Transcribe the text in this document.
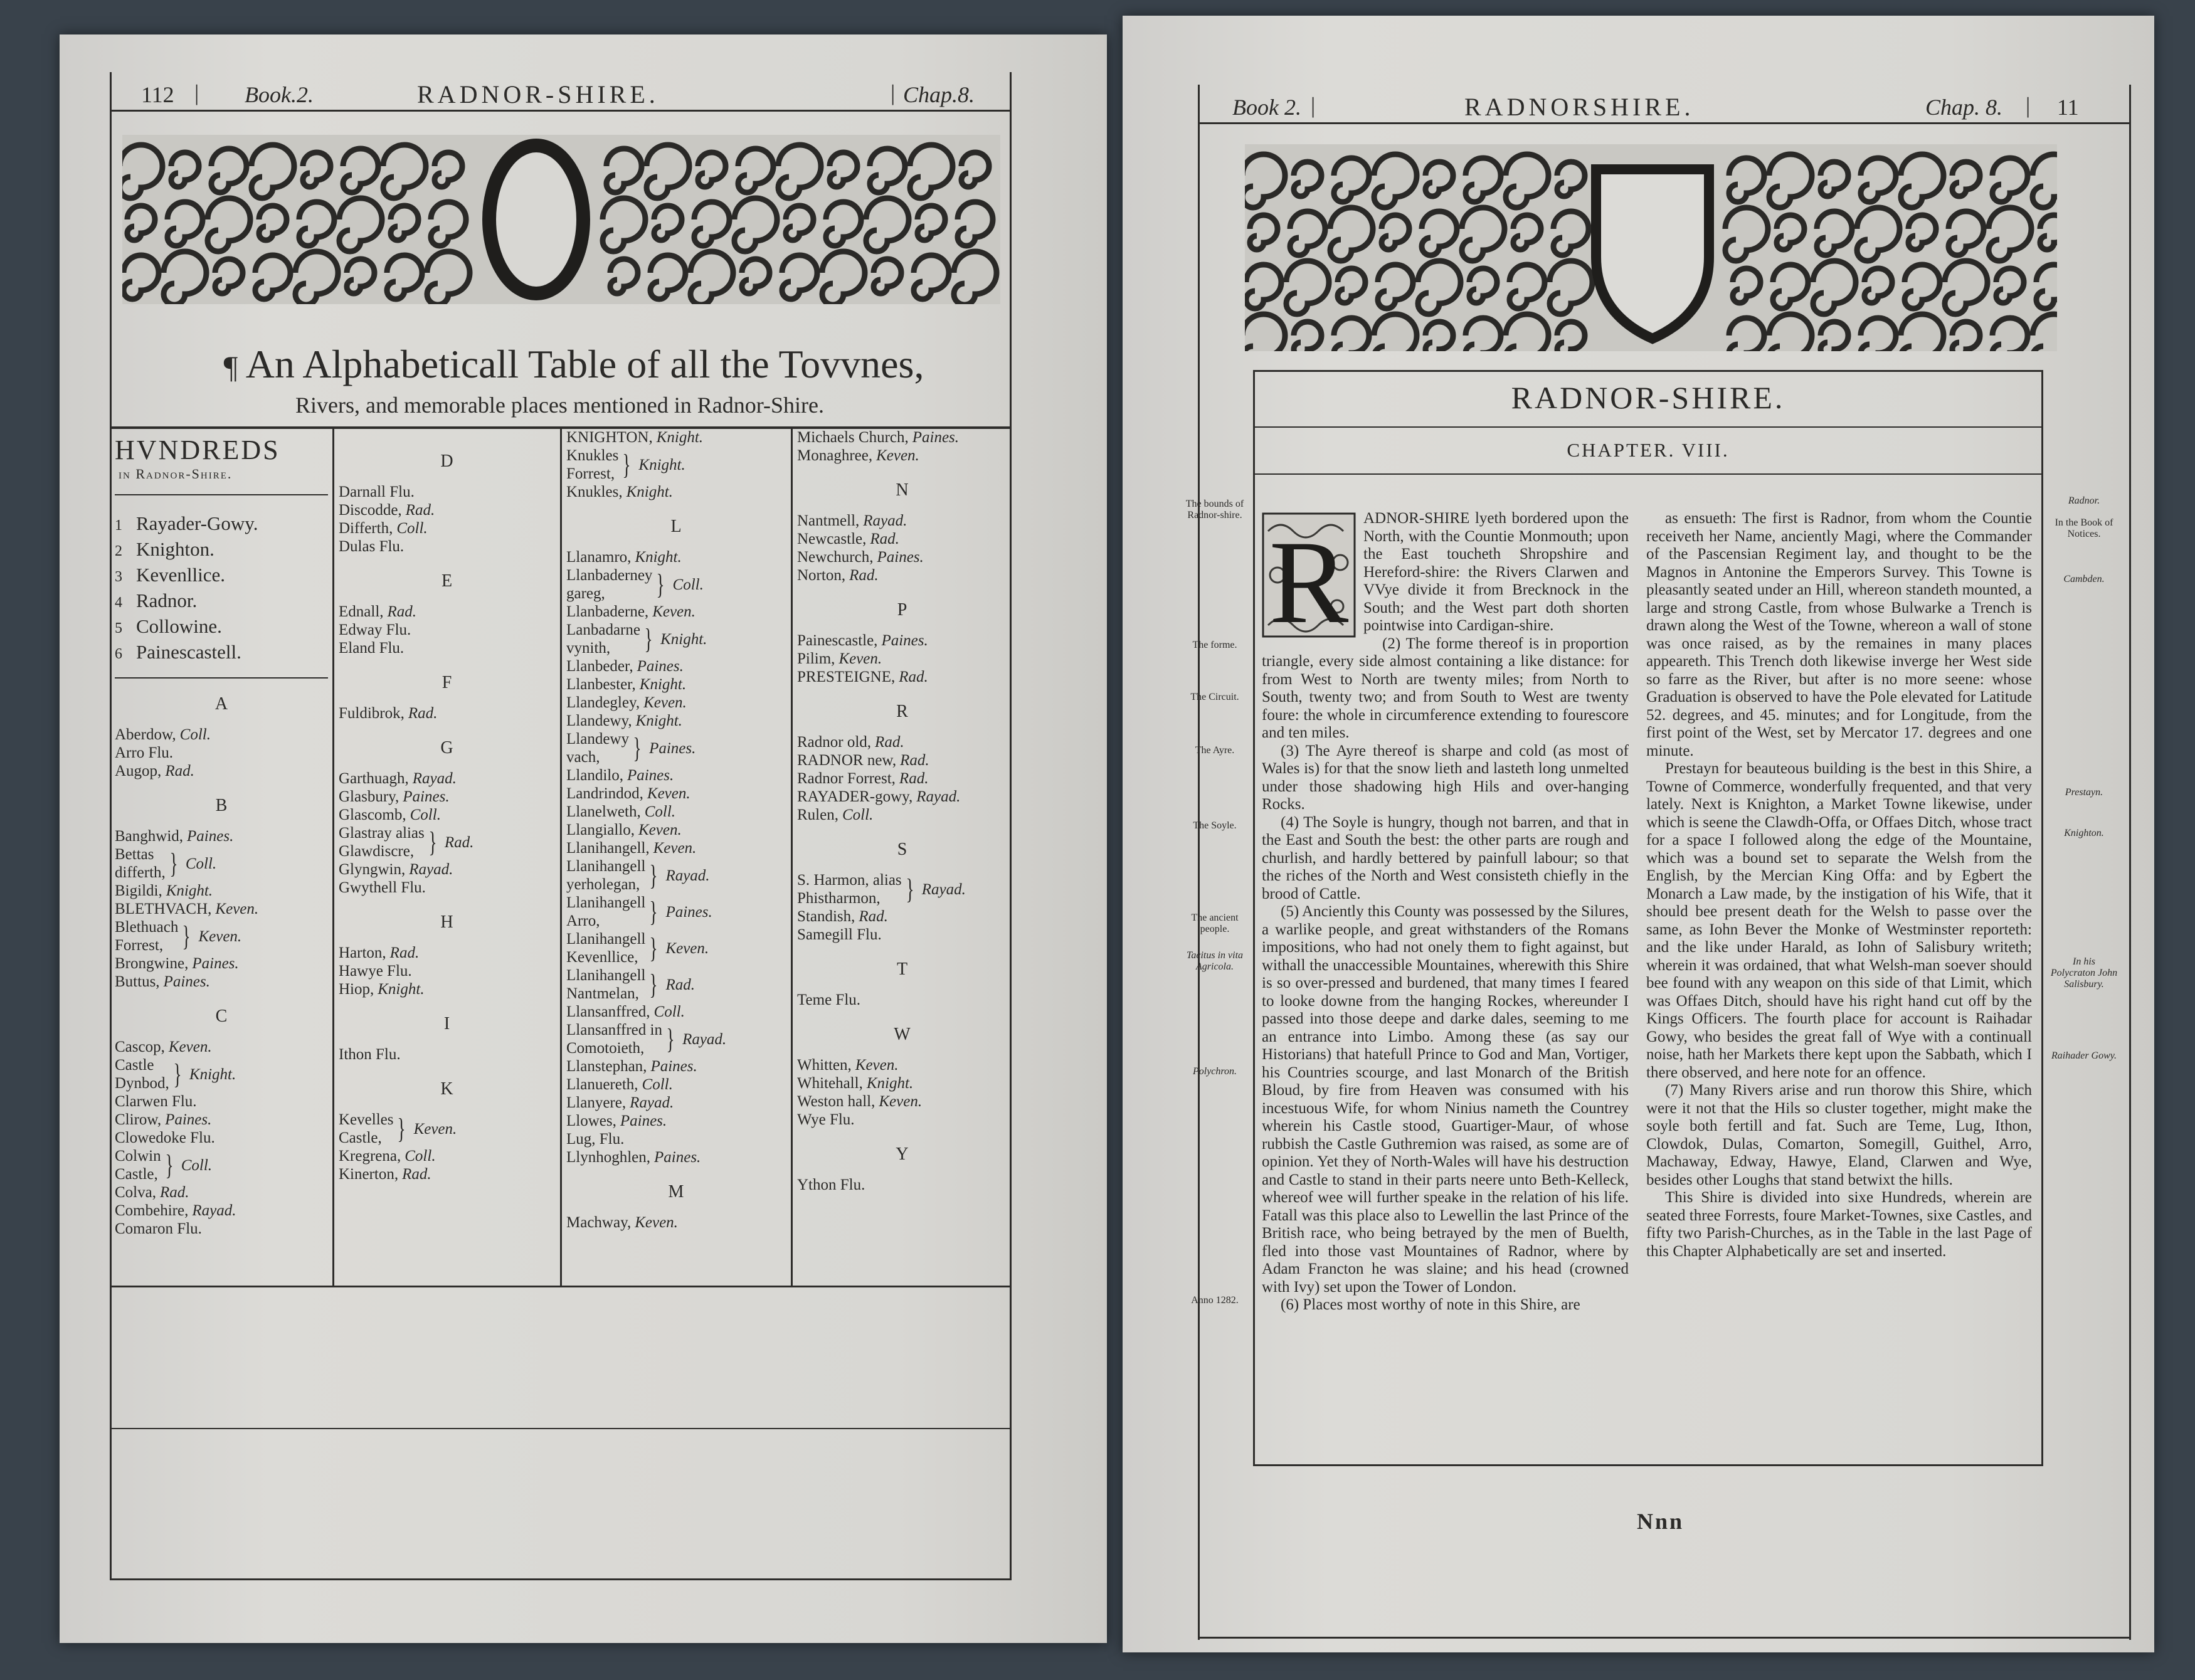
112 | Book.2.	RADNOR-SHIRE.	| Chap.8.
¶ An Alphabeticall Table of all the Tovvnes,
Rivers, and memorable places mentioned in Radnor-Shire.
HVNDREDS
in Radnor-Shire.
1 Rayader-Gowy.
2 Knighton.
3 Kevenllice.
4 Radnor.
5 Collowine.
6 Painescastell.
A
Aberdow, Coll.
Arro Flu.
Augop, Rad.
B
Banghwid, Paines.
Bettas
differth, } Coll.
Bigildi, Knight.
BLETHVACH, Keven.
Blethuach
Forrest, } Keven.
Brongwine, Paines.
Buttus, Paines.
C
Cascop, Keven.
Castle
Dynbod, } Knight.
Clarwen Flu.
Clirow, Paines.
Clowedoke Flu.
Colwin
Castle, } Coll.
Colva, Rad.
Combehire, Rayad.
Comaron Flu.
D
Darnall Flu.
Discodde, Rad.
Differth, Coll.
Dulas Flu.
E
Ednall, Rad.
Edway Flu.
Eland Flu.
F
Fuldibrok, Rad.
G
Garthuagh, Rayad.
Glasbury, Paines.
Glascomb, Coll.
Glastray alias
Glawdiscre, } Rad.
Glyngwin, Rayad.
Gwythell Flu.
H
Harton, Rad.
Hawye Flu.
Hiop, Knight.
I
Ithon Flu.
K
Kevelles
Castle, } Keven.
Kregrena, Coll.
Kinerton, Rad.
KNIGHTON, Knight.
Knukles
Forrest, } Knight.
Knukles, Knight.
L
Llanamro, Knight.
Llanbaderney
gareg,	} Coll.
Llanbaderne, Keven.
Lanbadarne
vynith,	} Knight.
Llanbeder, Paines.
Llanbester, Knight.
Llandegley, Keven.
Llandewy, Knight.
Llandewy
vach,	} Paines.
Llandilo, Paines.
Landrindod, Keven.
Llanelweth, Coll.
Llangiallo, Keven.
Llanihangell, Keven.
Llanihangell
yerholegan, } Rayad.
Llanihangell
Arro,	} Paines.
Llanihangell
Kevenllice, } Keven.
Llanihangell
Nantmelan, } Rad.
Llansanffred, Coll.
Llansanffred in
Comotoieth, } Rayad.
Llanstephan, Paines.
Llanuereth, Coll.
Llanyere, Rayad.
Llowes, Paines.
Lug, Flu.
Llynhoghlen, Paines.
M
Machway, Keven.
Michaels Church, Paines.
Monaghree, Keven.
N
Nantmell, Rayad.
Newcastle, Rad.
Newchurch, Paines.
Norton, Rad.
P
Painescastle, Paines.
Pilim, Keven.
PRESTEIGNE, Rad.
R
Radnor old, Rad.
RADNOR new, Rad.
Radnor Forrest, Rad.
RAYADER-gowy, Rayad.
Rulen, Coll.
S
S. Harmon, alias
Phistharmon, } Rayad.
Standish, Rad.
Samegill Flu.
T
Teme Flu.
W
Whitten, Keven.
Whitehall, Knight.
Weston hall, Keven.
Wye Flu.
Y
Ython Flu.
Book 2. |	RADNORSHIRE.	Chap. 8. | 11
RADNOR-SHIRE.
CHAPTER. VIII.
R ADNOR-SHIRE lyeth bordered upon the North, with the Countie Monmouth; upon the East toucheth Shropshire and Hereford-shire: the Rivers Clarwen and VVye divide it from Brecknock in the South; and the West part doth shorten pointwise into Cardigan-shire.

(2) The forme thereof is in proportion triangle, every side almost containing a like distance: for from West to North are twenty miles; from North to South, twenty two; and from South to West are twenty foure: the whole in circumference extending to fourescore and ten miles.

(3) The Ayre thereof is sharpe and cold (as most of Wales is) for that the snow lieth and lasteth long unmelted under those shadowing high Hils and over-hanging Rocks.

(4) The Soyle is hungry, though not barren, and that in the East and South the best: the other parts are rough and churlish, and hardly bettered by painfull labour; so that the riches of the North and West consisteth chiefly in the brood of Cattle.

(5) Anciently this County was possessed by the Silures, a warlike people, and great withstanders of the Romans impositions, who had not onely them to fight against, but withall the unaccessible Mountaines, wherewith this Shire is so over-pressed and burdened, that many times I feared to looke downe from the hanging Rockes, whereunder I passed into those deepe and darke dales, seeming to me an entrance into Limbo. Among these (as say our Historians) that hatefull Prince to God and Man, Vortiger, his Countries scourge, and last Monarch of the British Bloud, by fire from Heaven was consumed with his incestuous Wife, for whom Ninius nameth the Countrey wherein his Castle stood, Guartiger-Maur, of whose rubbish the Castle Guthremion was raised, as some are of opinion. Yet they of North-Wales will have his destruction and Castle to stand in their parts neere unto Beth-Kelleck, whereof wee will further speake in the relation of his life. Fatall was this place also to Lewellin the last Prince of the British race, who being betrayed by the men of Buelth, fled into those vast Mountaines of Radnor, where by Adam Francton he was slaine; and his head (crowned with Ivy) set upon the Tower of London.

(6) Places most worthy of note in this Shire, are

as ensueth: The first is Radnor, from whom the Countie receiveth her Name, anciently Magi, where the Commander of the Pascensian Regiment lay, and thought to be the Magnos in Antonine the Emperors Survey. This Towne is pleasantly seated under an Hill, whereon standeth mounted, a large and strong Castle, from whose Bulwarke a Trench is drawn along the West of the Towne, whereon a wall of stone was once raised, as by the remaines in many places appeareth. This Trench doth likewise inverge her West side so farre as the River, but after is no more seene: whose Graduation is observed to have the Pole elevated for Latitude 52. degrees, and 45. minutes; and for Longitude, from the first point of the West, set by Mercator 17. degrees and one minute.

Prestayn for beauteous building is the best in this Shire, a Towne of Commerce, wonderfully frequented, and that very lately. Next is Knighton, a Market Towne likewise, under which is seene the Clawdh-Offa, or Offaes Ditch, whose tract for a space I followed along the edge of the Mountaine, which was a bound set to separate the Welsh from the English, by the Mercian King Offa: and by Egbert the Monarch a Law made, by the instigation of his Wife, that it should bee present death for the Welsh to passe over the same, as Iohn Bever the Monke of Westminster reporteth: and the like under Harald, as Iohn of Salisbury writeth; wherein it was ordained, that what Welsh-man soever should bee found with any weapon on this side of that Limit, which was Offaes Ditch, should have his right hand cut off by the Kings Officers. The fourth place for account is Raihadar Gowy, who besides the great fall of Wye with a continuall noise, hath her Markets there kept upon the Sabbath, which I there observed, and here note for an offence.

(7) Many Rivers arise and run thorow this Shire, which were it not that the Hils so cluster together, might make the soyle both fertill and fat. Such are Teme, Lug, Ithon, Clowdok, Dulas, Comarton, Somegill, Guithel, Arro, Machaway, Edway, Hawye, Eland, Clarwen and Wye, besides other Loughs that stand betwixt the hills.

This Shire is divided into sixe Hundreds, wherein are seated three Forrests, foure Market-Townes, sixe Castles, and fifty two Parish-Churches, as in the Table in the last Page of this Chapter Alphabetically are set and inserted.

The bounds of Radnor-shire.
The forme.
The Circuit.
The Ayre.
The Soyle.
The ancient people.
Tacitus in vita Agricola.
Polychron.
Anno 1282.
Radnor.
In the Book of Notices.
Cambden.
Prestayn.
Knighton.
In his Polycraton John Salisbury.
Raihader Gowy.
Nnn
